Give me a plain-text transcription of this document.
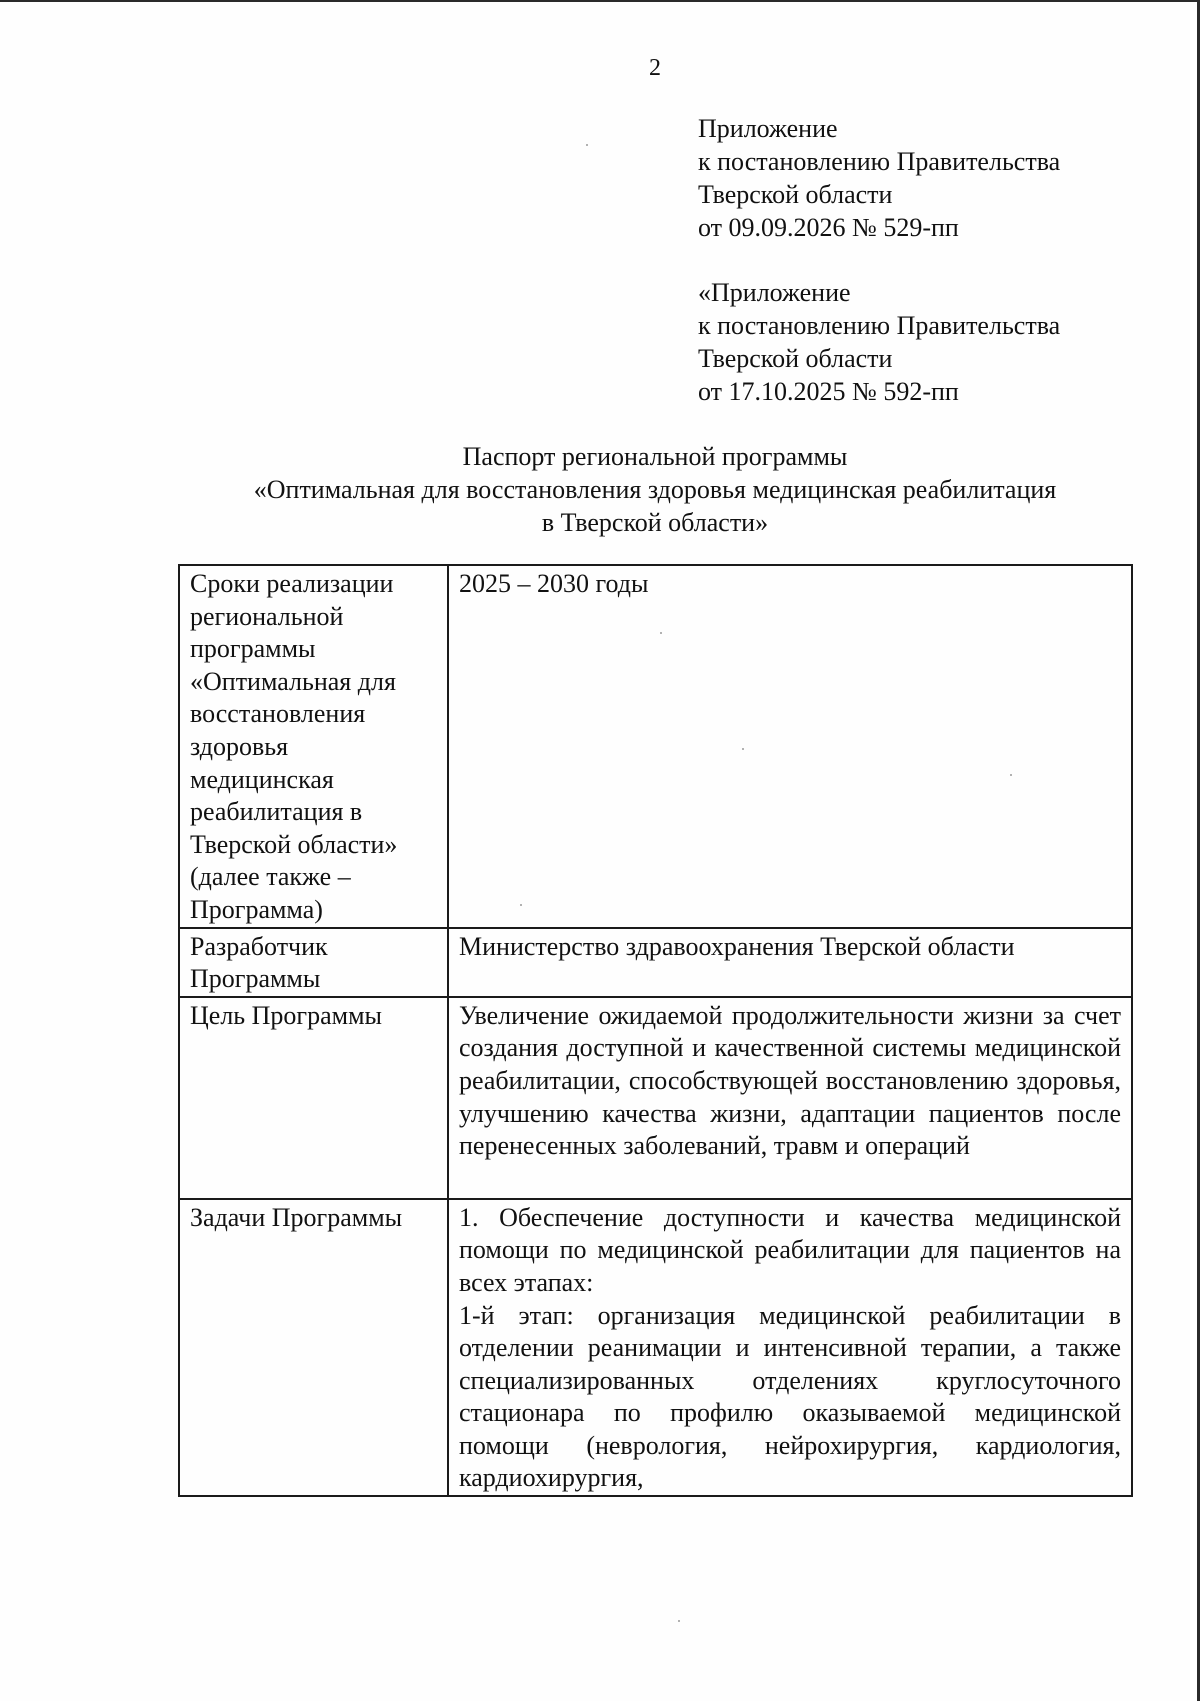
2
Приложение
к постановлению Правительства
Тверской области
от 09.09.2026 № 529-пп
«Приложение
к постановлению Правительства
Тверской области
от 17.10.2025 № 592-пп
Паспорт региональной программы
«Оптимальная для восстановления здоровья медицинская реабилитация
в Тверской области»
Сроки реализации региональной программы «Оптимальная для восстановления здоровья медицинская реабилитация в Тверской области» (далее также – Программа)	2025 – 2030 годы
Разработчик Программы	Министерство здравоохранения Тверской области
Цель Программы	Увеличение ожидаемой продолжительности жизни за счет создания доступной и качественной системы медицинской реабилитации, способствующей восстановлению здоровья, улучшению качества жизни, адаптации пациентов после перенесенных заболеваний, травм и операций
Задачи Программы	1. Обеспечение доступности и качества медицинской помощи по медицинской реабилитации для пациентов на всех этапах:
1-й этап: организация медицинской реабилитации в отделении реанимации и интенсивной терапии, а также специализированных отделениях круглосуточного стационара по профилю оказываемой медицинской помощи (неврология, нейрохирургия, кардиология, кардиохирургия,
